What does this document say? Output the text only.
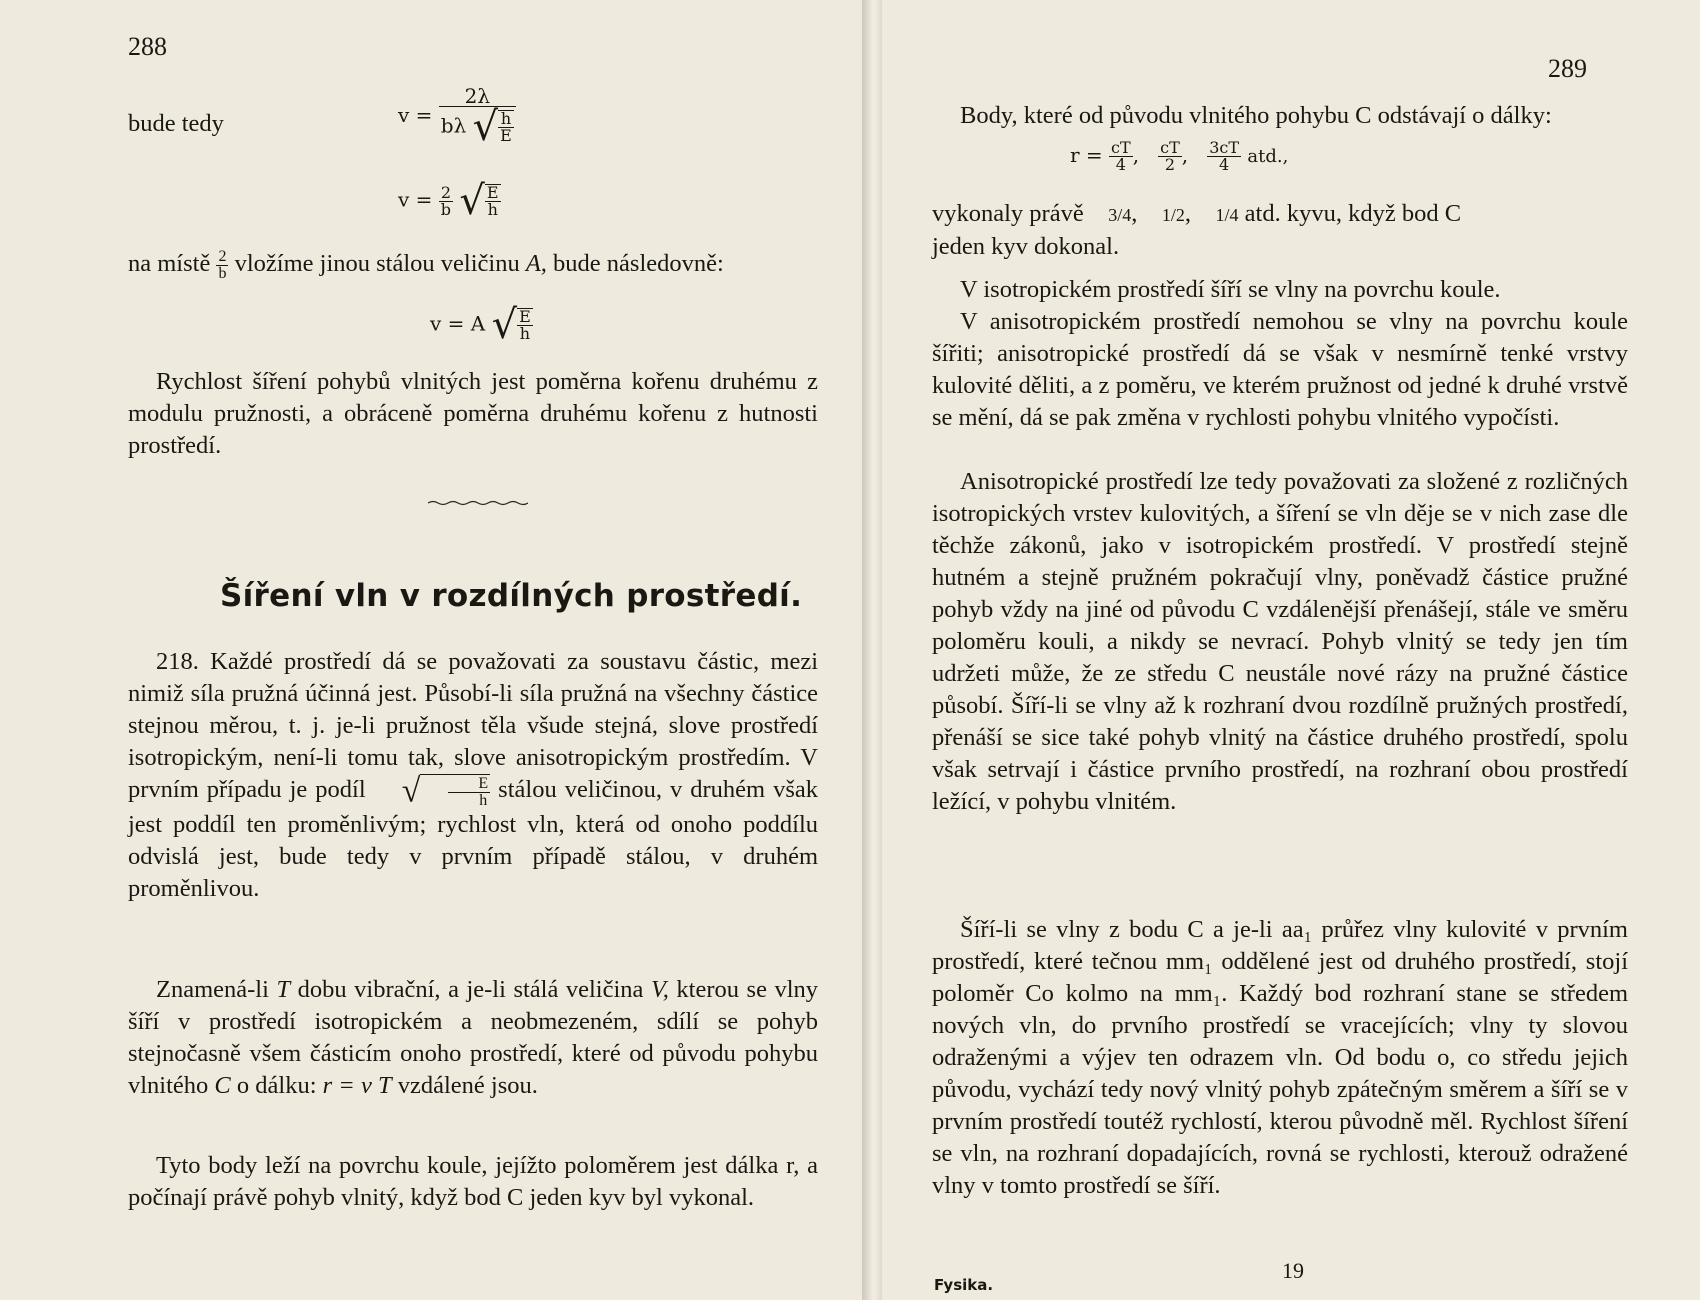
288
bude tedy	$v = \frac{2\lambda}{b\lambda √ \frac{h}{E}}$
$v = \frac{2}{b}$ √ $\frac{E}{h}$
na místě $\frac{2}{b}$ vložíme jinou stálou veličinu A, bude následovně:
v = A √ $\frac{E}{h}$
Rychlost šíření pohybů vlnitých jest poměrna kořenu druhému z modulu pružnosti, a obráceně poměrna druhému kořenu z hutnosti prostředí.
Šíření vln v rozdílných prostředí.
218. Každé prostředí dá se považovati za soustavu částic, mezi nimiž síla pružná účinná jest. Působí-li síla pružná na všechny částice stejnou měrou, t. j. je-li pružnost těla všude stejná, slove prostředí isotropickým, není-li tomu tak, slove anisotropickým prostředím. V prvním případu je podíl √ $\frac{E}{h}$ stálou veličinou, v druhém však jest poddíl ten proměnlivým; rychlost vln, která od onoho poddílu odvislá jest, bude tedy v prvním případě stálou, v druhém proměnlivou.
Znamená-li T dobu vibrační, a je-li stálá veličina V, kterou se vlny šíří v prostředí isotropickém a neobmezeném, sdílí se pohyb stejnočasně všem částicím onoho prostředí, které od původu pohybu vlnitého C o dálku: r = v T vzdálené jsou.
Tyto body leží na povrchu koule, jejížto poloměrem jest dálka r, a počínají právě pohyb vlnitý, když bod C jeden kyv byl vykonal.
289
Body, které od původu vlnitého pohybu C odstávají o dálky:
$r = \frac{cT}{4}$ , $\frac{cT}{2}$ , $\frac{3cT}{4}$ atd.,
vykonaly právě 3/4,    1/2,    1/4 atd. kyvu, když bod C
jeden kyv dokonal.
V isotropickém prostředí šíří se vlny na povrchu koule.
V anisotropickém prostředí nemohou se vlny na povrchu koule šířiti; anisotropické prostředí dá se však v nesmírně tenké vrstvy kulovité děliti, a z poměru, ve kterém pružnost od jedné k druhé vrstvě se mění, dá se pak změna v rychlosti pohybu vlnitého vypočísti.
Anisotropické prostředí lze tedy považovati za složené z rozličných isotropických vrstev kulovitých, a šíření se vln děje se v nich zase dle těchže zákonů, jako v isotropickém prostředí. V prostředí stejně hutném a stejně pružném pokračují vlny, poněvadž částice pružné pohyb vždy na jiné od původu C vzdálenější přenášejí, stále ve směru poloměru kouli, a nikdy se nevrací. Pohyb vlnitý se tedy jen tím udržeti může, že ze středu C neustále nové rázy na pružné částice působí. Šíří-li se vlny až k rozhraní dvou rozdílně pružných prostředí, přenáší se sice také pohyb vlnitý na částice druhého prostředí, spolu však setrvají i částice prvního prostředí, na rozhraní obou prostředí ležící, v pohybu vlnitém.
Šíří-li se vlny z bodu C a je-li aa₁ průřez vlny kulovité v prvním prostředí, které tečnou mm₁ oddělené jest od druhého prostředí, stojí poloměr Co kolmo na mm₁. Každý bod rozhraní stane se středem nových vln, do prvního prostředí se vracejících; vlny ty slovou odraženými a výjev ten odrazem vln. Od bodu o, co středu jejich původu, vychází tedy nový vlnitý pohyb zpátečným směrem a šíří se v prvním prostředí toutéž rychlostí, kterou původně měl. Rychlost šíření se vln, na rozhraní dopadajících, rovná se rychlosti, kterouž odražené vlny v tomto prostředí se šíří.
19
Fysika.
